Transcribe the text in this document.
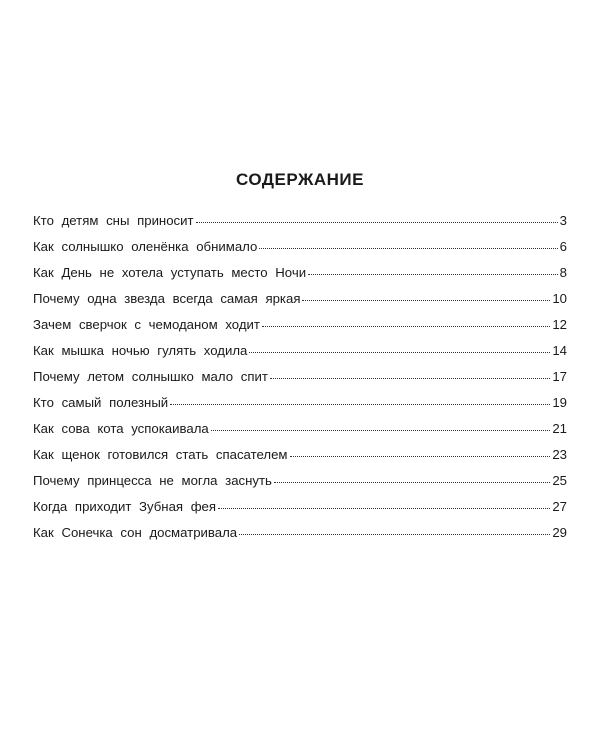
СОДЕРЖАНИЕ
Кто детям сны приносит	3
Как солнышко оленёнка обнимало	6
Как День не хотела уступать место Ночи	8
Почему одна звезда всегда самая яркая	10
Зачем сверчок с чемоданом ходит	12
Как мышка ночью гулять ходила	14
Почему летом солнышко мало спит	17
Кто самый полезный	19
Как сова кота успокаивала	21
Как щенок готовился стать спасателем	23
Почему принцесса не могла заснуть	25
Когда приходит Зубная фея	27
Как Сонечка сон досматривала	29
